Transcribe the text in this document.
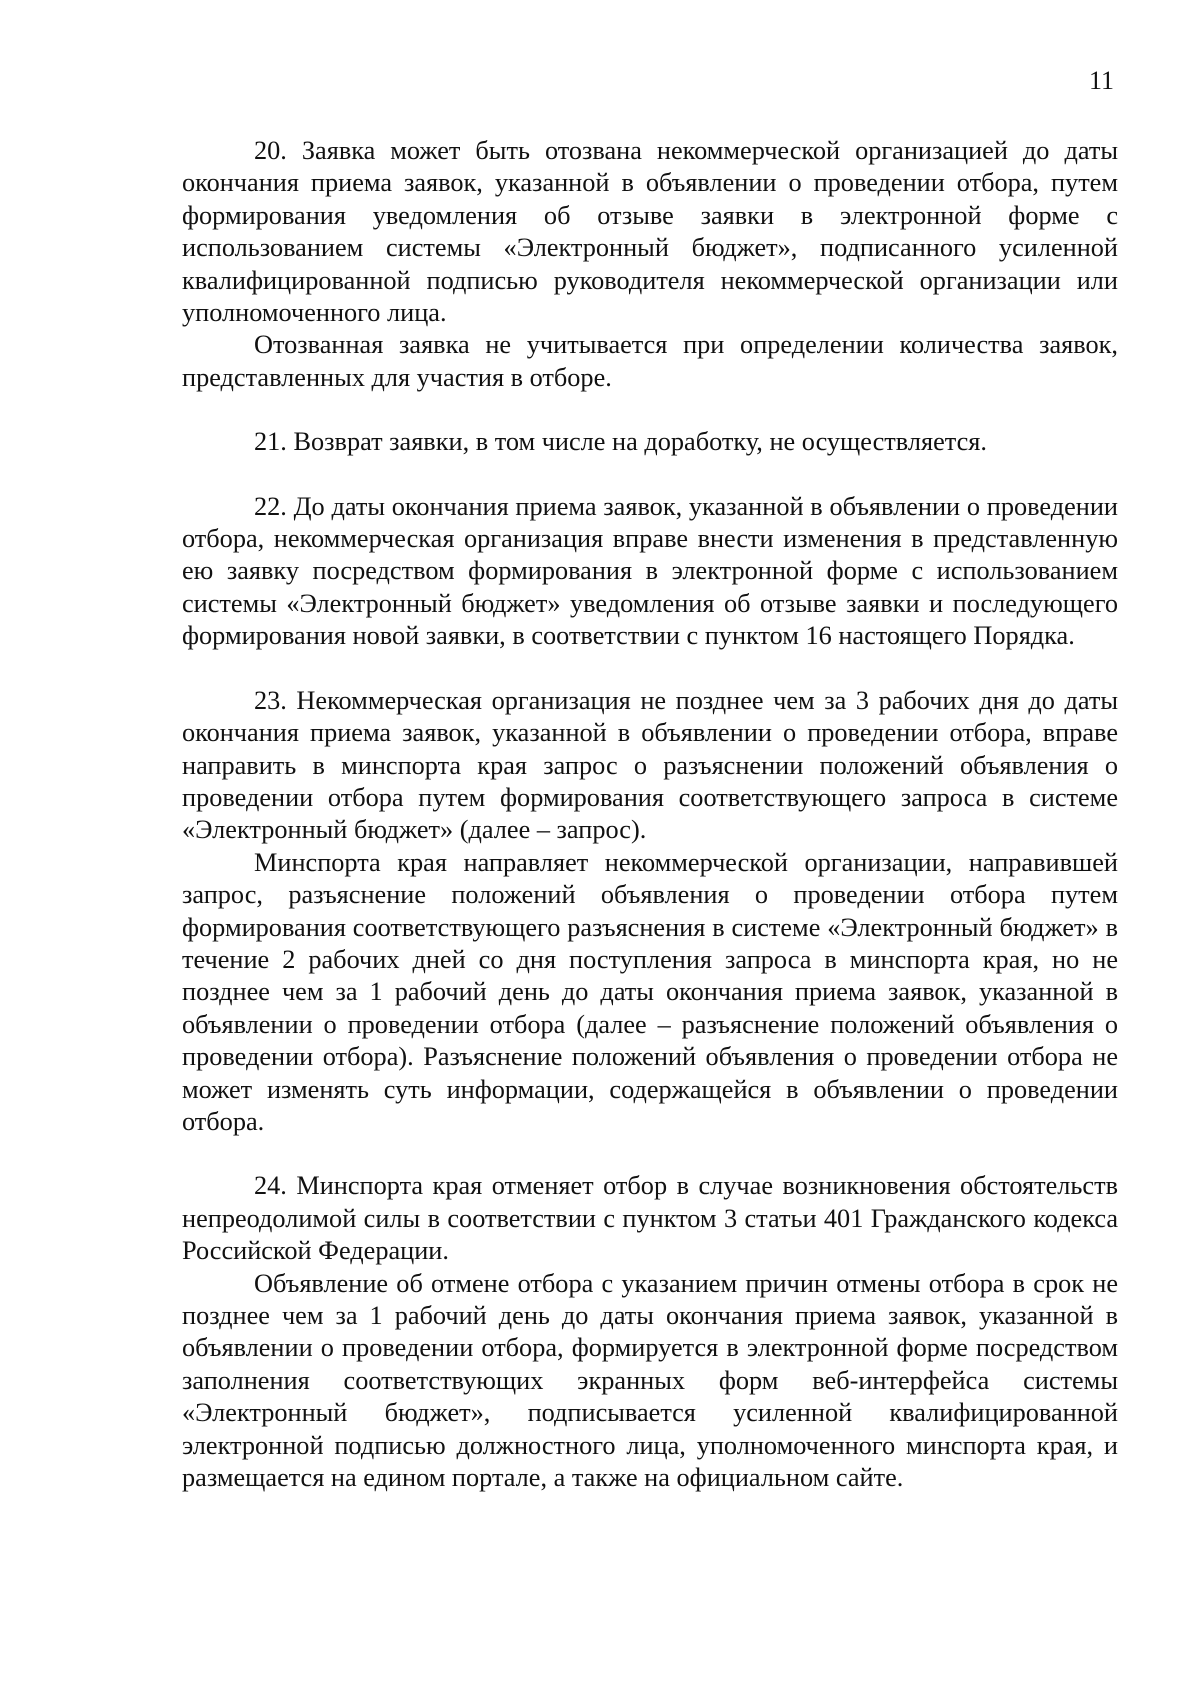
11

20. Заявка может быть отозвана некоммерческой организацией до даты окончания приема заявок, указанной в объявлении о проведении отбора, путем формирования уведомления об отзыве заявки в электронной форме с использованием системы «Электронный бюджет», подписанного усиленной квалифицированной подписью руководителя некоммерческой организации или уполномоченного лица.

Отозванная заявка не учитывается при определении количества заявок, представленных для участия в отборе.

21. Возврат заявки, в том числе на доработку, не осуществляется.

22. До даты окончания приема заявок, указанной в объявлении о проведении отбора, некоммерческая организация вправе внести изменения в представленную ею заявку посредством формирования в электронной форме с использованием системы «Электронный бюджет» уведомления об отзыве заявки и последующего формирования новой заявки, в соответствии с пунктом 16 настоящего Порядка.

23. Некоммерческая организация не позднее чем за 3 рабочих дня до даты окончания приема заявок, указанной в объявлении о проведении отбора, вправе направить в минспорта края запрос о разъяснении положений объявления о проведении отбора путем формирования соответствующего запроса в системе «Электронный бюджет» (далее – запрос).

Минспорта края направляет некоммерческой организации, направившей запрос, разъяснение положений объявления о проведении отбора путем формирования соответствующего разъяснения в системе «Электронный бюджет» в течение 2 рабочих дней со дня поступления запроса в минспорта края, но не позднее чем за 1 рабочий день до даты окончания приема заявок, указанной в объявлении о проведении отбора (далее – разъяснение положений объявления о проведении отбора). Разъяснение положений объявления о проведении отбора не может изменять суть информации, содержащейся в объявлении о проведении отбора.

24. Минспорта края отменяет отбор в случае возникновения обстоятельств непреодолимой силы в соответствии с пунктом 3 статьи 401 Гражданского кодекса Российской Федерации.

Объявление об отмене отбора с указанием причин отмены отбора в срок не позднее чем за 1 рабочий день до даты окончания приема заявок, указанной в объявлении о проведении отбора, формируется в электронной форме посредством заполнения соответствующих экранных форм веб-интерфейса системы «Электронный бюджет», подписывается усиленной квалифицированной электронной подписью должностного лица, уполномоченного минспорта края, и размещается на едином портале, а также на официальном сайте.
